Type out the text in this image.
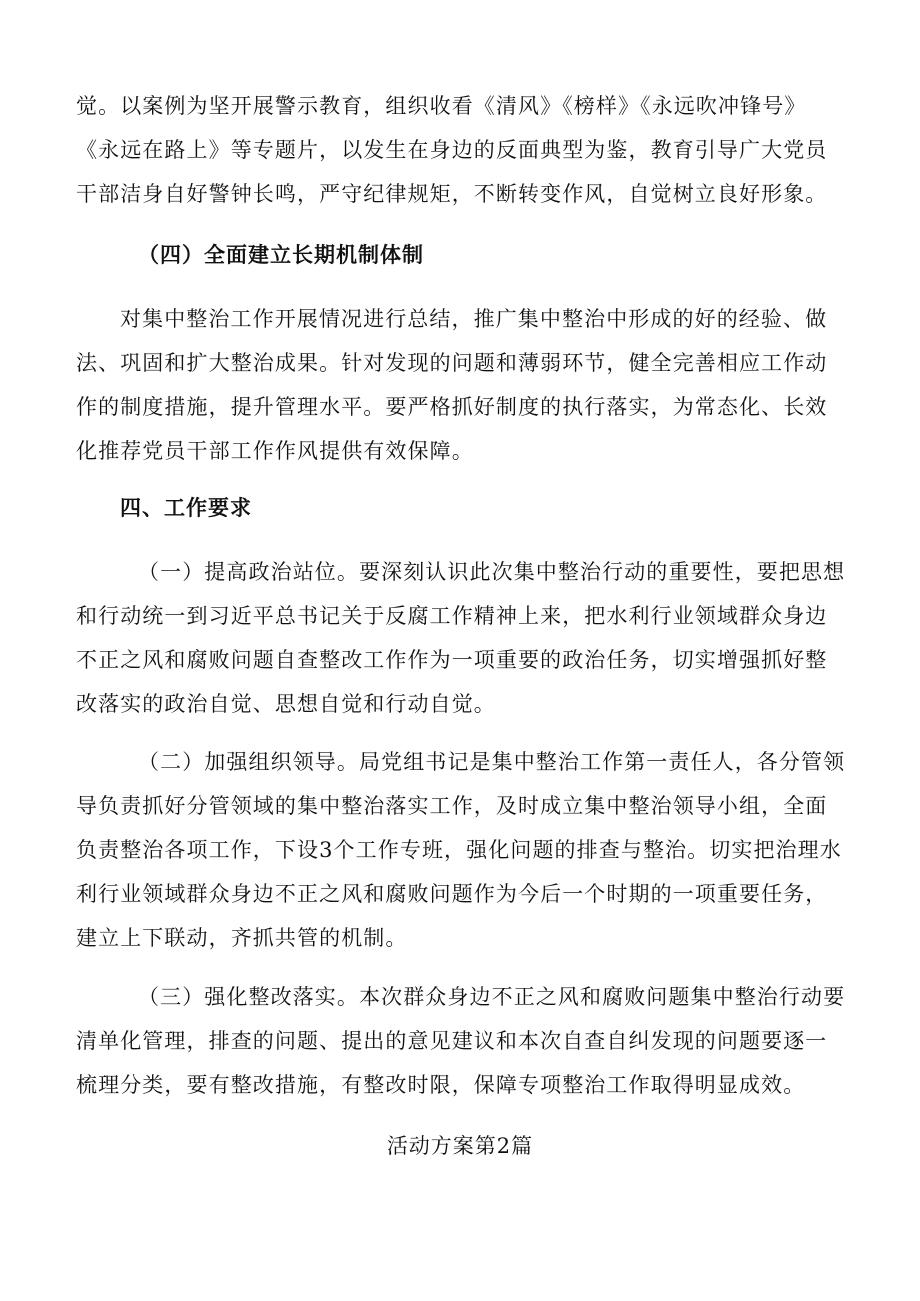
觉。以案例为坚开展警示教育，组织收看《清风》《榜样》《永远吹冲锋号》
《永远在路上》等专题片，以发生在身边的反面典型为鉴，教育引导广大党员
干部洁身自好警钟长鸣，严守纪律规矩，不断转变作风，自觉树立良好形象。
（四）全面建立长期机制体制
对集中整治工作开展情况进行总结，推广集中整治中形成的好的经验、做
法、巩固和扩大整治成果。针对发现的问题和薄弱环节，健全完善相应工作动
作的制度措施，提升管理水平。要严格抓好制度的执行落实，为常态化、长效
化推荐党员干部工作作风提供有效保障。
四、工作要求
（一）提高政治站位。要深刻认识此次集中整治行动的重要性，要把思想
和行动统一到习近平总书记关于反腐工作精神上来，把水利行业领域群众身边
不正之风和腐败问题自查整改工作作为一项重要的政治任务，切实增强抓好整
改落实的政治自觉、思想自觉和行动自觉。
（二）加强组织领导。局党组书记是集中整治工作第一责任人，各分管领
导负责抓好分管领域的集中整治落实工作，及时成立集中整治领导小组，全面
负责整治各项工作，下设3个工作专班，强化问题的排查与整治。切实把治理水
利行业领域群众身边不正之风和腐败问题作为今后一个时期的一项重要任务，
建立上下联动，齐抓共管的机制。
（三）强化整改落实。本次群众身边不正之风和腐败问题集中整治行动要
清单化管理，排查的问题、提出的意见建议和本次自查自纠发现的问题要逐一
梳理分类，要有整改措施，有整改时限，保障专项整治工作取得明显成效。
活动方案第2篇
